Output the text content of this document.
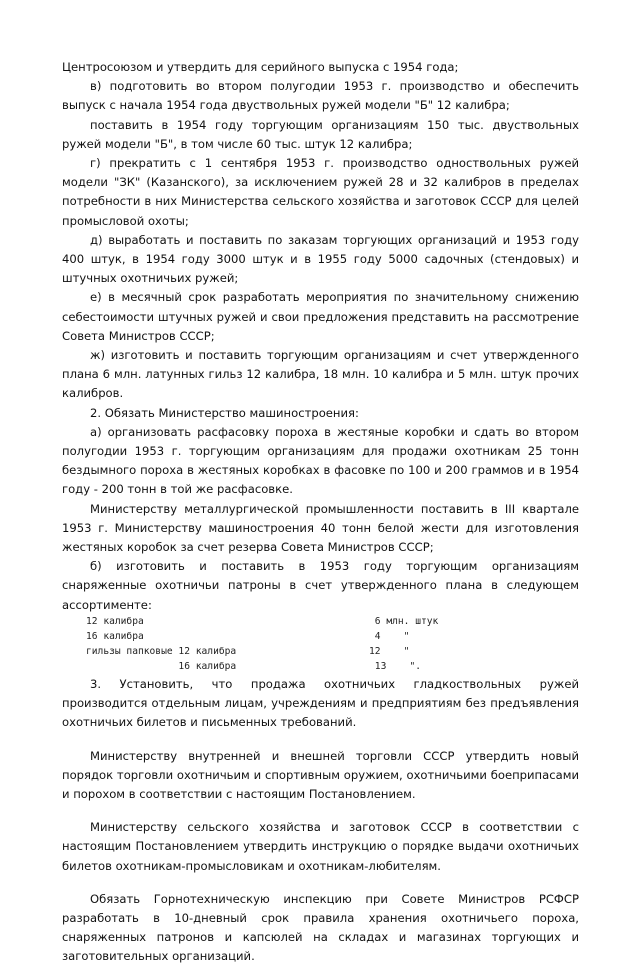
Центросоюзом и утвердить для серийного выпуска с 1954 года;

в) подготовить во втором полугодии 1953 г. производство и обеспечить выпуск с начала 1954 года двуствольных ружей модели "Б" 12 калибра;

поставить в 1954 году торгующим организациям 150 тыс. двуствольных ружей модели "Б", в том числе 60 тыс. штук 12 калибра;

г) прекратить с 1 сентября 1953 г. производство одноствольных ружей модели "ЗК" (Казанского), за исключением ружей 28 и 32 калибров в пределах потребности в них Министерства сельского хозяйства и заготовок СССР для целей промысловой охоты;

д) выработать и поставить по заказам торгующих организаций и 1953 году 400 штук, в 1954 году 3000 штук и в 1955 году 5000 садочных (стендовых) и штучных охотничьих ружей;

е) в месячный срок разработать мероприятия по значительному снижению себестоимости штучных ружей и свои предложения представить на рассмотрение Совета Министров СССР;

ж) изготовить и поставить торгующим организациям и счет утвержденного плана 6 млн. латунных гильз 12 калибра, 18 млн. 10 калибра и 5 млн. штук прочих калибров.

2. Обязать Министерство машиностроения:

а) организовать расфасовку пороха в жестяные коробки и сдать во втором полугодии 1953 г. торгующим организациям для продажи охотникам 25 тонн бездымного пороха в жестяных коробках в фасовке по 100 и 200 граммов и в 1954 году - 200 тонн в той же расфасовке.

Министерству металлургической промышленности поставить в III квартале 1953 г. Министерству машиностроения 40 тонн белой жести для изготовления жестяных коробок за счет резерва Совета Министров СССР;

б) изготовить и поставить в 1953 году торгующим организациям снаряженные охотничьи патроны в счет утвержденного плана в следующем ассортименте:

12 калибра                                        6 млн. штук
16 калибра                                        4    "
гильзы папковые 12 калибра                       12    "
16 калибра                        13    ".

3. Установить, что продажа охотничьих гладкоствольных ружей производится отдельным лицам, учреждениям и предприятиям без предъявления охотничьих билетов и письменных требований.

Министерству внутренней и внешней торговли СССР утвердить новый порядок торговли охотничьим и спортивным оружием, охотничьими боеприпасами и порохом в соответствии с настоящим Постановлением.

Министерству сельского хозяйства и заготовок СССР в соответствии с настоящим Постановлением утвердить инструкцию о порядке выдачи охотничьих билетов охотникам-промысловикам и охотникам-любителям.

Обязать Горнотехническую инспекцию при Совете Министров РСФСР разработать в 10-дневный срок правила хранения охотничьего пороха, снаряженных патронов и капсюлей на складах и магазинах торгующих и заготовительных организаций.
